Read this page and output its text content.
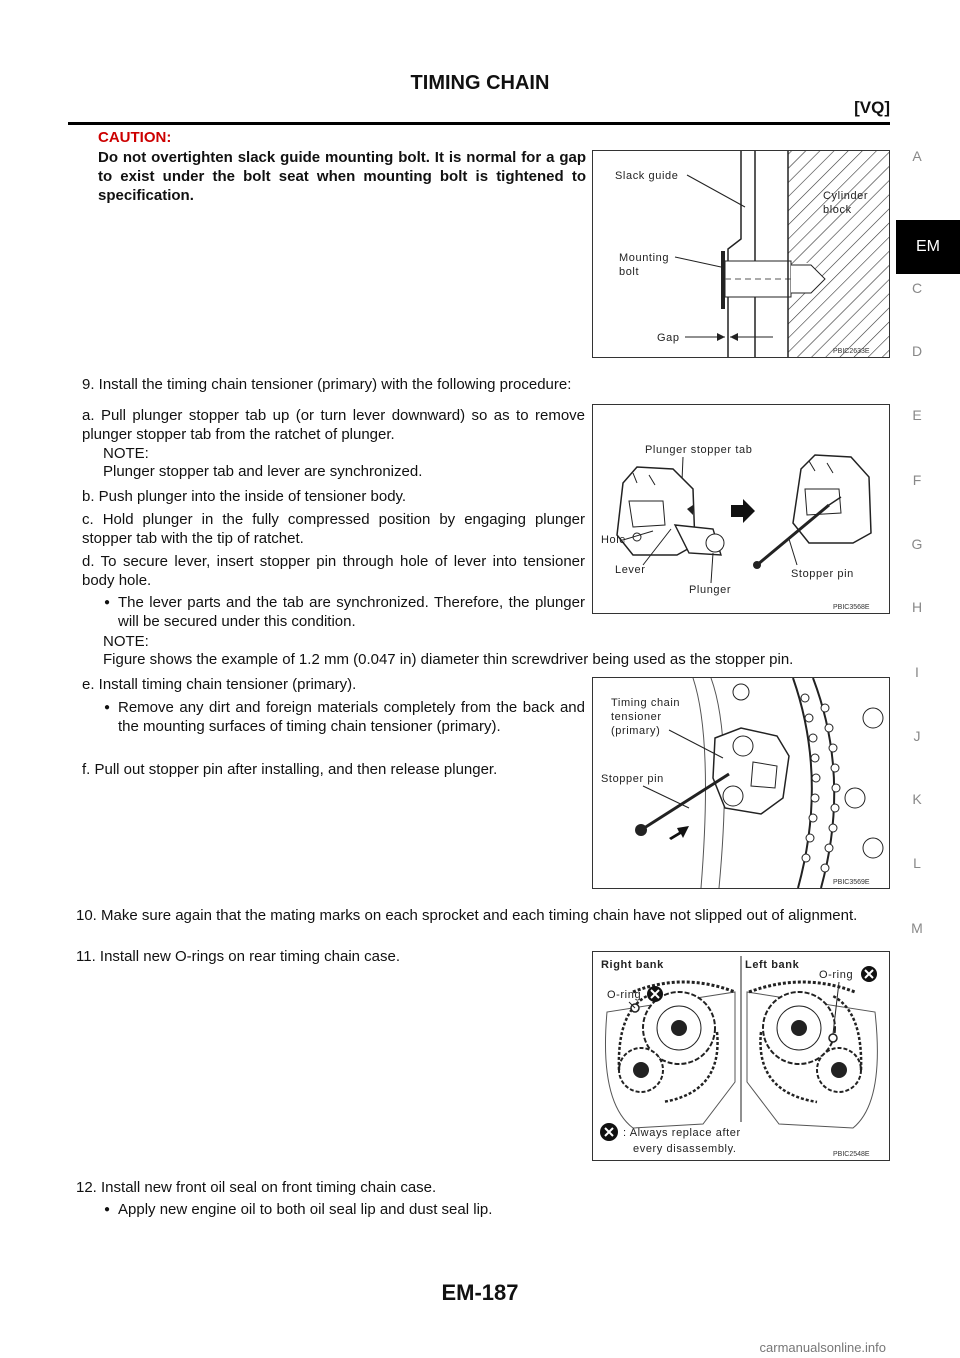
TIMING CHAIN
[VQ]
A
EM
C
D
E
F
G
H
I
J
K
L
M
CAUTION:
Do not overtighten slack guide mounting bolt. It is normal for a gap to exist under the bolt seat when mounting bolt is tightened to specification.
Slack guide
Cylinder
block
Mounting
bolt
Gap
PBIC2633E
9. Install the timing chain tensioner (primary) with the following procedure:
a. Pull plunger stopper tab up (or turn lever downward) so as to remove plunger stopper tab from the ratchet of plunger.
NOTE:
Plunger stopper tab and lever are synchronized.
b. Push plunger into the inside of tensioner body.
c. Hold plunger in the fully compressed position by engaging plunger stopper tab with the tip of ratchet.
d. To secure lever, insert stopper pin through hole of lever into tensioner body hole.
● The lever parts and the tab are synchronized. Therefore, the plunger will be secured under this condition.
Plunger stopper tab
Hole
Lever
Plunger
Stopper pin
PBIC3568E
NOTE:
Figure shows the example of 1.2 mm (0.047 in) diameter thin screwdriver being used as the stopper pin.
e. Install timing chain tensioner (primary).
● Remove any dirt and foreign materials completely from the back and the mounting surfaces of timing chain tensioner (primary).
f. Pull out stopper pin after installing, and then release plunger.
Timing chain
tensioner
(primary)
Stopper pin
PBIC3569E
10. Make sure again that the mating marks on each sprocket and each timing chain have not slipped out of alignment.
11. Install new O-rings on rear timing chain case.	Right bank	Left bank
O-ring
O-ring
: Always replace after
every disassembly.	PBIC2548E
12. Install new front oil seal on front timing chain case.
● Apply new engine oil to both oil seal lip and dust seal lip.
EM-187
carmanualsonline.info
